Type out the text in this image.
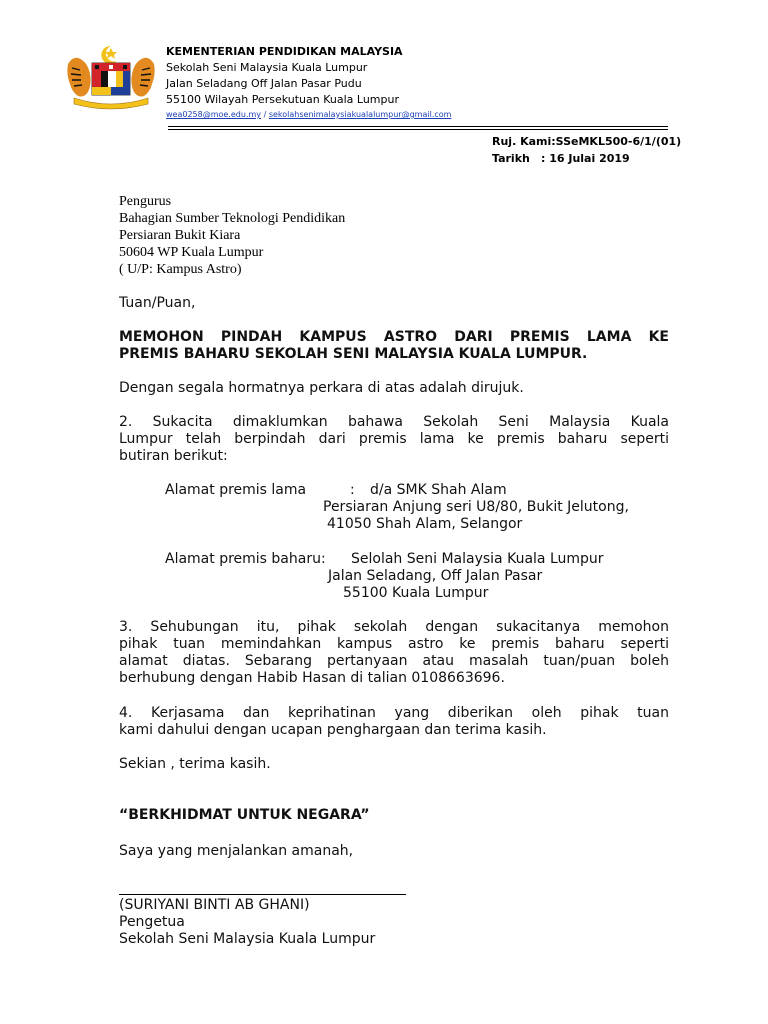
KEMENTERIAN PENDIDIKAN MALAYSIA
Sekolah Seni Malaysia Kuala Lumpur
Jalan Seladang Off Jalan Pasar Pudu
55100 Wilayah Persekutuan Kuala Lumpur
wea0258@moe.edu.my / sekolahsenimalaysiakualalumpur@gmail.com
Ruj. Kami:SSeMKL500-6/1/(01)
Tarikh : 16 Julai 2019
Pengurus
Bahagian Sumber Teknologi Pendidikan
Persiaran Bukit Kiara
50604 WP Kuala Lumpur
( U/P: Kampus Astro)
Tuan/Puan,
MEMOHON PINDAH KAMPUS ASTRO DARI PREMIS LAMA KE
PREMIS BAHARU SEKOLAH SENI MALAYSIA KUALA LUMPUR.
Dengan segala hormatnya perkara di atas adalah dirujuk.
2. Sukacita dimaklumkan bahawa Sekolah Seni Malaysia Kuala
Lumpur telah berpindah dari premis lama ke premis baharu seperti
butiran berikut:
Alamat premis lama	: d/a SMK Shah Alam
Persiaran Anjung seri U8/80, Bukit Jelutong,
41050 Shah Alam, Selangor
Alamat premis baharu: Selolah Seni Malaysia Kuala Lumpur
Jalan Seladang, Off Jalan Pasar
55100 Kuala Lumpur
3. Sehubungan itu, pihak sekolah dengan sukacitanya memohon
pihak tuan memindahkan kampus astro ke premis baharu seperti
alamat diatas. Sebarang pertanyaan atau masalah tuan/puan boleh
berhubung dengan Habib Hasan di talian 0108663696.
4. Kerjasama dan keprihatinan yang diberikan oleh pihak tuan
kami dahului dengan ucapan penghargaan dan terima kasih.
Sekian , terima kasih.
“BERKHIDMAT UNTUK NEGARA”
Saya yang menjalankan amanah,
(SURIYANI BINTI AB GHANI)
Pengetua
Sekolah Seni Malaysia Kuala Lumpur
